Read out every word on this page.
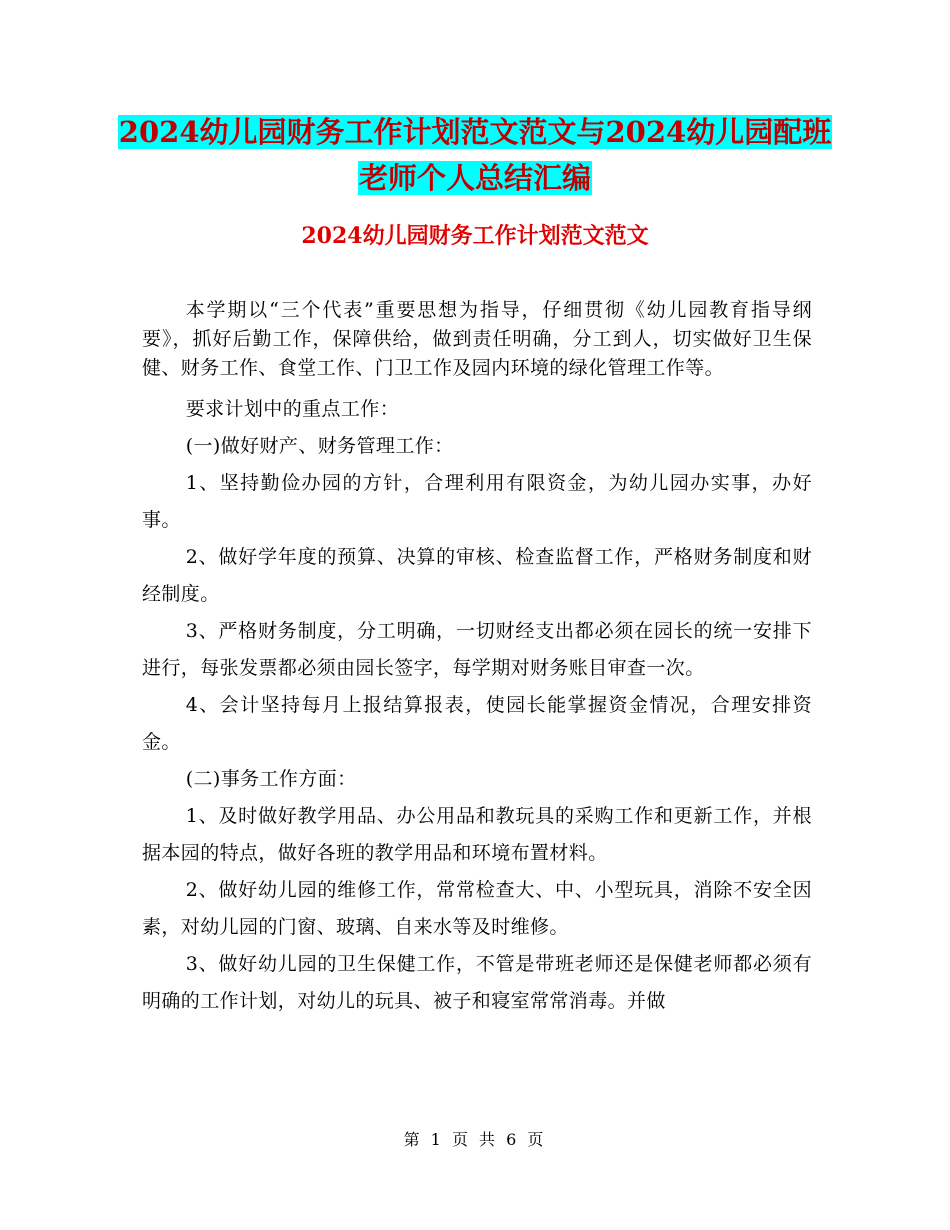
2024幼儿园财务工作计划范文范文与2024幼儿园配班
老师个人总结汇编
2024幼儿园财务工作计划范文范文

本学期以“三个代表”重要思想为指导，仔细贯彻《幼儿园教育指导纲要》，抓好后勤工作，保障供给，做到责任明确，分工到人，切实做好卫生保健、财务工作、食堂工作、门卫工作及园内环境的绿化管理工作等。

要求计划中的重点工作：

(一)做好财产、财务管理工作：

1、坚持勤俭办园的方针，合理利用有限资金，为幼儿园办实事，办好事。

2、做好学年度的预算、决算的审核、检查监督工作，严格财务制度和财经制度。

3、严格财务制度，分工明确，一切财经支出都必须在园长的统一安排下进行，每张发票都必须由园长签字，每学期对财务账目审查一次。

4、会计坚持每月上报结算报表，使园长能掌握资金情况，合理安排资金。

(二)事务工作方面：

1、及时做好教学用品、办公用品和教玩具的采购工作和更新工作，并根据本园的特点，做好各班的教学用品和环境布置材料。

2、做好幼儿园的维修工作，常常检查大、中、小型玩具，消除不安全因素，对幼儿园的门窗、玻璃、自来水等及时维修。

3、做好幼儿园的卫生保健工作，不管是带班老师还是保健老师都必须有明确的工作计划，对幼儿的玩具、被子和寝室常常消毒。并做

第 1 页 共 6 页
